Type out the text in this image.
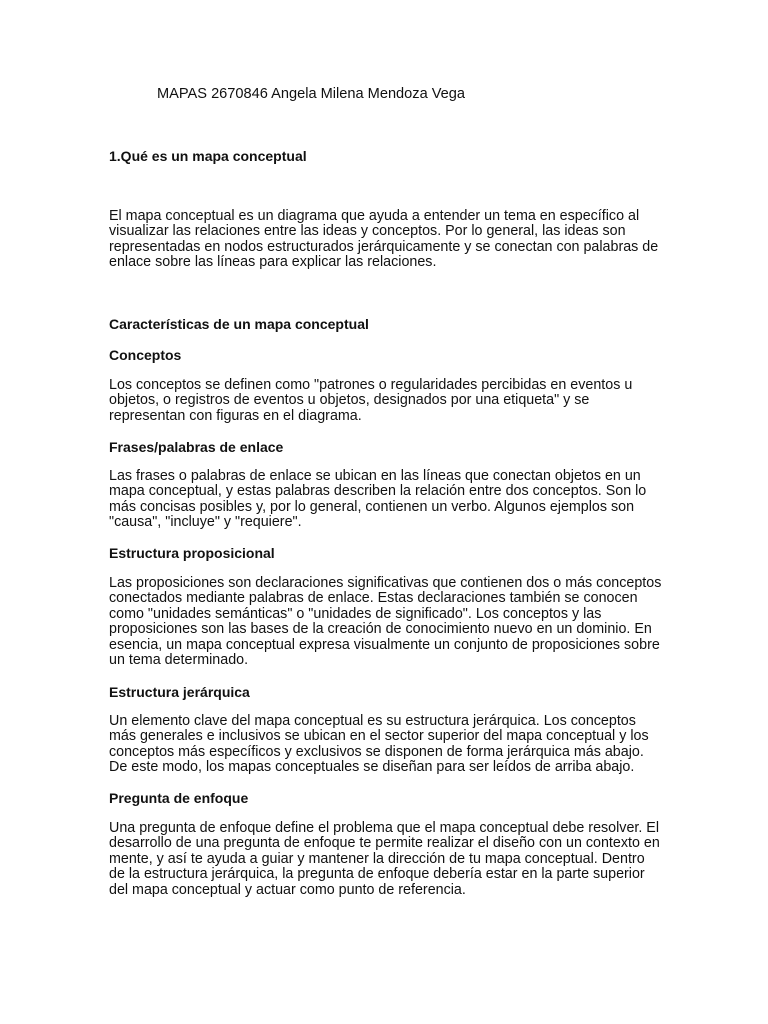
MAPAS 2670846 Angela Milena Mendoza Vega
1.Qué es un mapa conceptual
El mapa conceptual es un diagrama que ayuda a entender un tema en específico al
visualizar las relaciones entre las ideas y conceptos. Por lo general, las ideas son
representadas en nodos estructurados jerárquicamente y se conectan con palabras de
enlace sobre las líneas para explicar las relaciones.
Características de un mapa conceptual
Conceptos
Los conceptos se definen como "patrones o regularidades percibidas en eventos u
objetos, o registros de eventos u objetos, designados por una etiqueta" y se
representan con figuras en el diagrama.
Frases/palabras de enlace
Las frases o palabras de enlace se ubican en las líneas que conectan objetos en un
mapa conceptual, y estas palabras describen la relación entre dos conceptos. Son lo
más concisas posibles y, por lo general, contienen un verbo. Algunos ejemplos son
"causa", "incluye" y "requiere".
Estructura proposicional
Las proposiciones son declaraciones significativas que contienen dos o más conceptos
conectados mediante palabras de enlace. Estas declaraciones también se conocen
como "unidades semánticas" o "unidades de significado". Los conceptos y las
proposiciones son las bases de la creación de conocimiento nuevo en un dominio. En
esencia, un mapa conceptual expresa visualmente un conjunto de proposiciones sobre
un tema determinado.
Estructura jerárquica
Un elemento clave del mapa conceptual es su estructura jerárquica. Los conceptos
más generales e inclusivos se ubican en el sector superior del mapa conceptual y los
conceptos más específicos y exclusivos se disponen de forma jerárquica más abajo.
De este modo, los mapas conceptuales se diseñan para ser leídos de arriba abajo.
Pregunta de enfoque
Una pregunta de enfoque define el problema que el mapa conceptual debe resolver. El
desarrollo de una pregunta de enfoque te permite realizar el diseño con un contexto en
mente, y así te ayuda a guiar y mantener la dirección de tu mapa conceptual. Dentro
de la estructura jerárquica, la pregunta de enfoque debería estar en la parte superior
del mapa conceptual y actuar como punto de referencia.
